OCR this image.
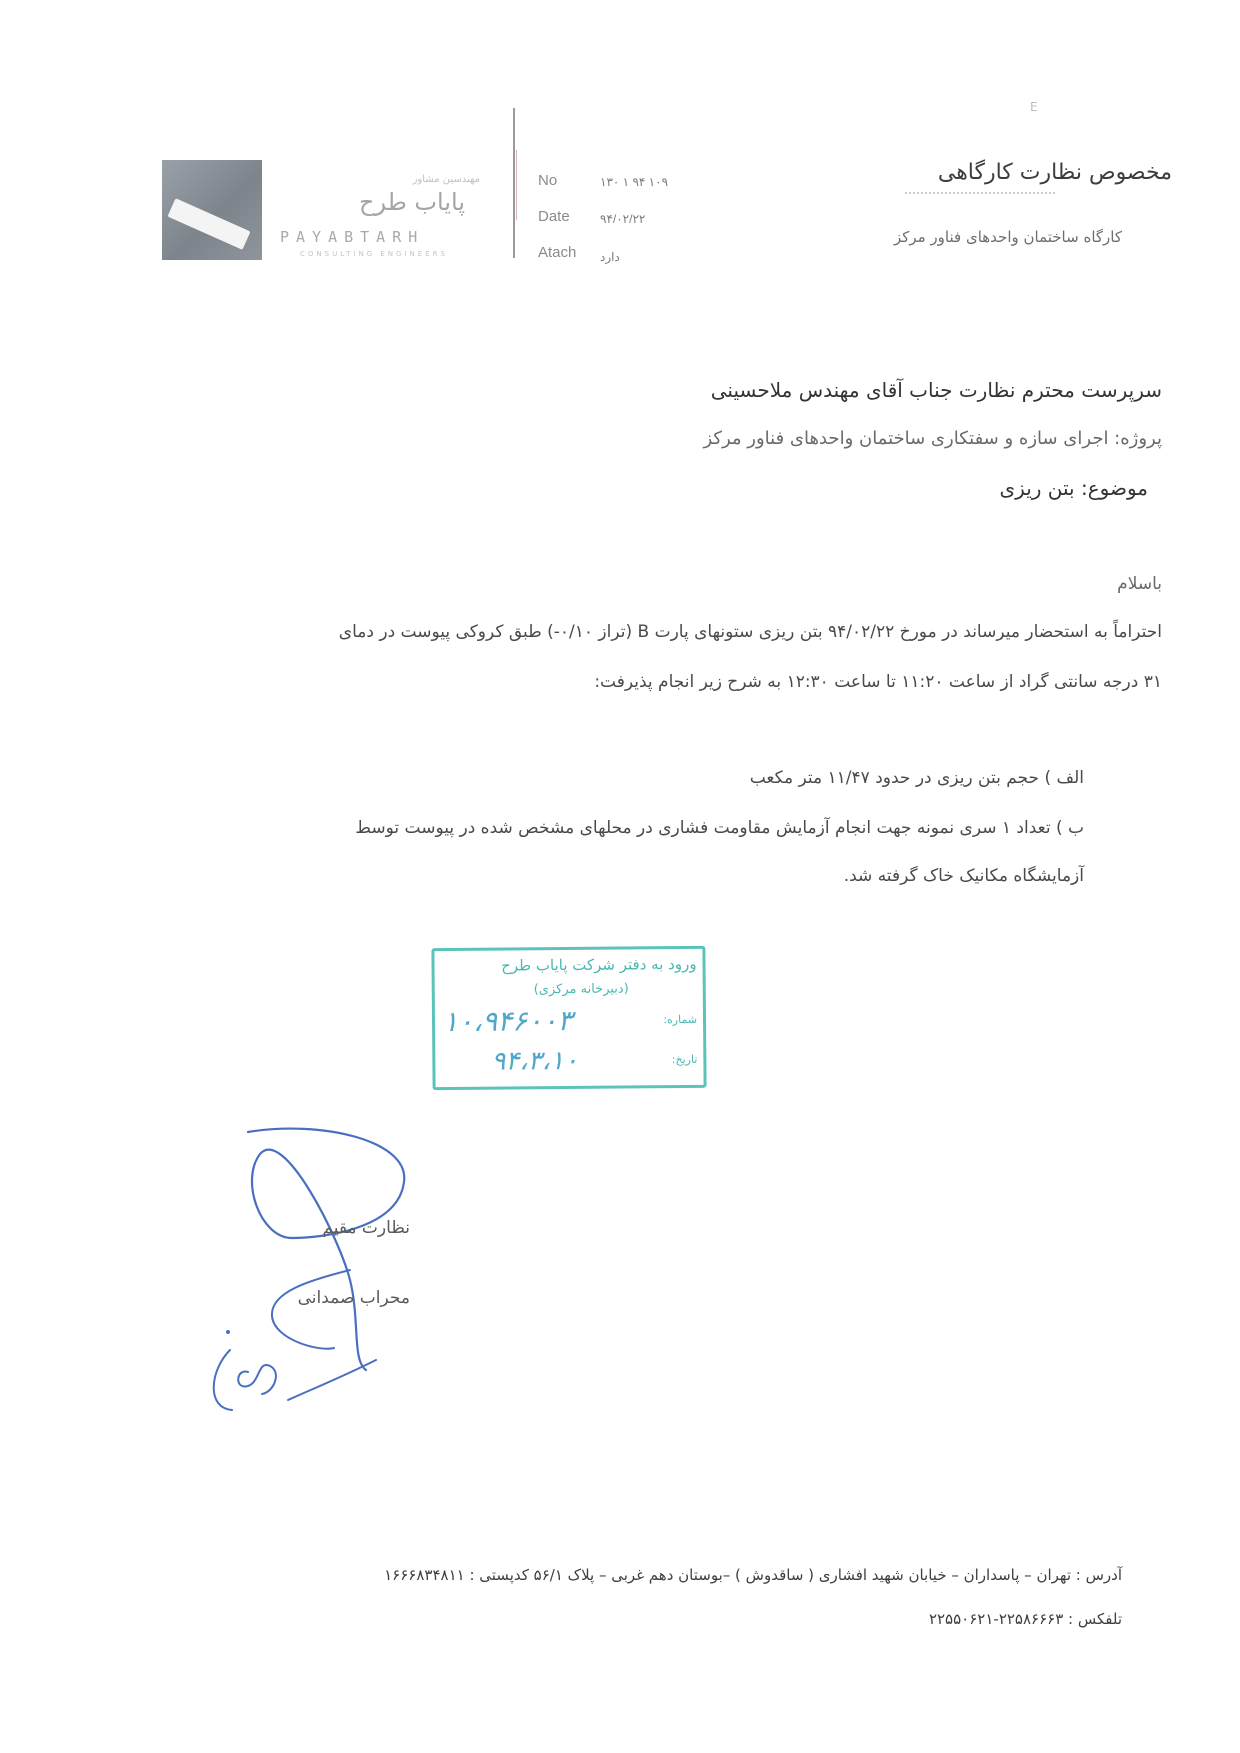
مهندسین مشاور
پایاب طرح
PAYABTARH
CONSULTING ENGINEERS
No	۱۳۰ ۱ ۹۴ ۱۰۹
Date	۹۴/۰۲/۲۲
Atach دارد
E
مخصوص نظارت کارگاهی
کارگاه ساختمان واحدهای فناور مرکز
سرپرست محترم نظارت جناب آقای مهندس ملاحسینی
پروژه: اجرای سازه و سفتکاری ساختمان واحدهای فناور مرکز
موضوع: بتن ریزی
باسلام
احتراماً به استحضار میرساند در مورخ ۹۴/۰۲/۲۲ بتن ریزی ستونهای پارت B (تراز ۰/۱۰-) طبق کروکی پیوست در دمای
۳۱ درجه سانتی گراد از ساعت ۱۱:۲۰ تا ساعت ۱۲:۳۰ به شرح زیر انجام پذیرفت:
الف ) حجم بتن ریزی در حدود ۱۱/۴۷ متر مکعب
ب ) تعداد ۱ سری نمونه جهت انجام آزمایش مقاومت فشاری در محلهای مشخص شده در پیوست توسط
آزمایشگاه مکانیک خاک گرفته شد.
ورود به دفتر شرکت پایاب طرح
(دبیرخانه مرکزی)
شماره:
۱۰،۹۴۶۰۰۳
تاریخ:
۹۴،۳،۱۰
نظارت مقیم
محراب صمدانی
آدرس : تهران – پاسداران – خیابان شهید افشاری ( ساقدوش ) –بوستان دهم غربی – پلاک ۵۶/۱ کدپستی : ۱۶۶۶۸۳۴۸۱۱
تلفکس : ۲۲۵۸۶۶۶۳-۲۲۵۵۰۶۲۱
